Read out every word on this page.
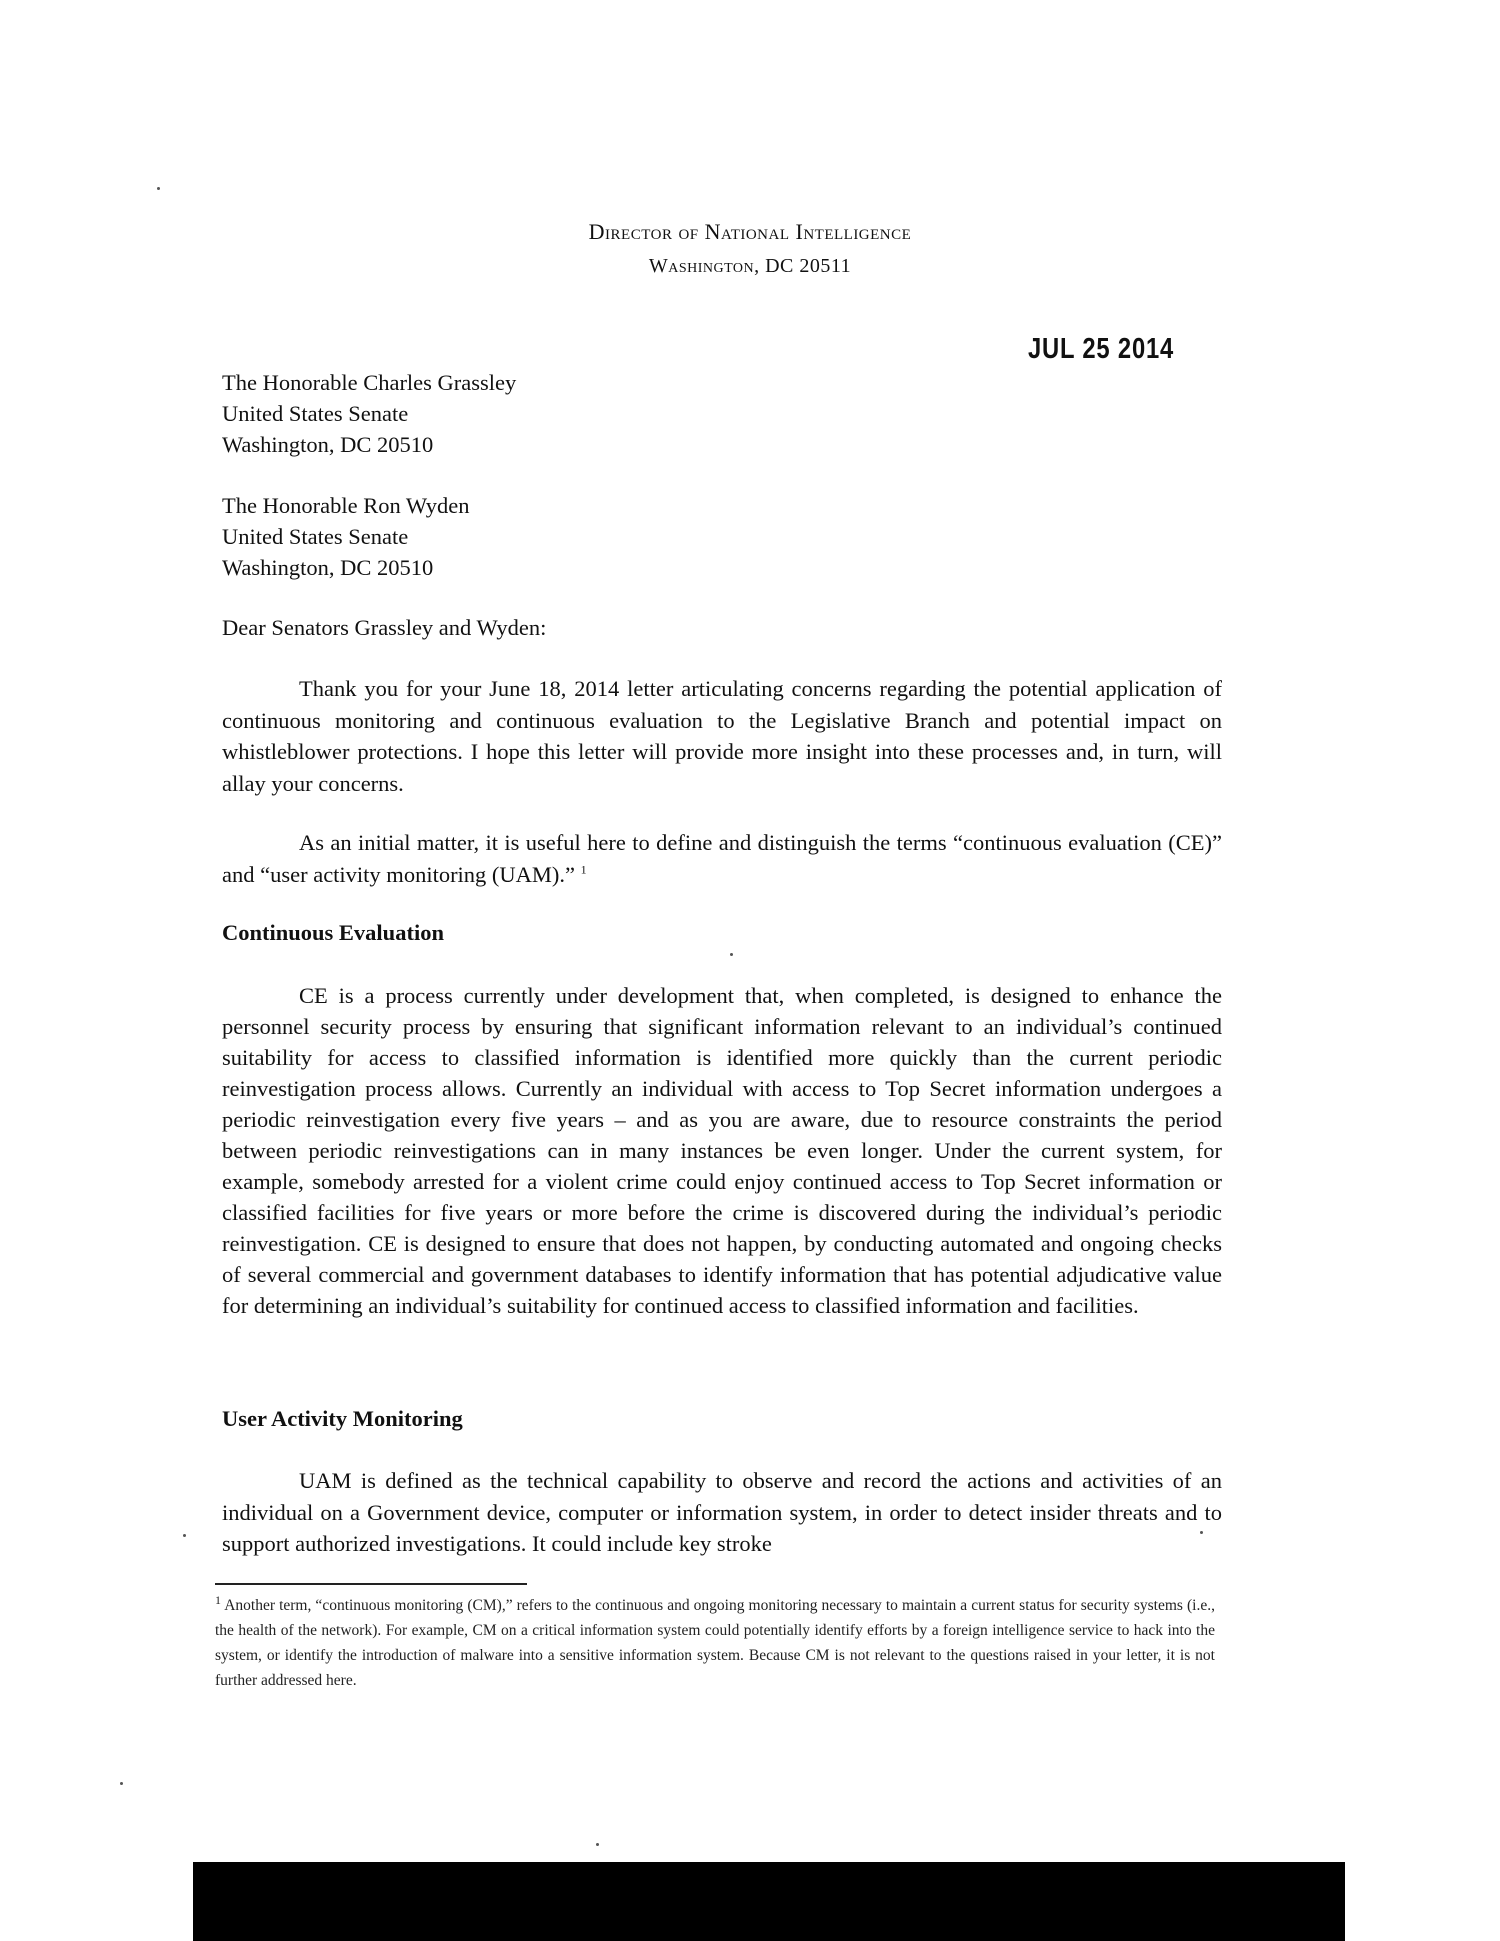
Director of National Intelligence
Washington, DC 20511
JUL 25 2014
The Honorable Charles Grassley
United States Senate
Washington, DC 20510
The Honorable Ron Wyden
United States Senate
Washington, DC 20510
Dear Senators Grassley and Wyden:
Thank you for your June 18, 2014 letter articulating concerns regarding the potential application of continuous monitoring and continuous evaluation to the Legislative Branch and potential impact on whistleblower protections. I hope this letter will provide more insight into these processes and, in turn, will allay your concerns.
As an initial matter, it is useful here to define and distinguish the terms “continuous evaluation (CE)” and “user activity monitoring (UAM).” $^1$
Continuous Evaluation
CE is a process currently under development that, when completed, is designed to enhance the personnel security process by ensuring that significant information relevant to an individual’s continued suitability for access to classified information is identified more quickly than the current periodic reinvestigation process allows. Currently an individual with access to Top Secret information undergoes a periodic reinvestigation every five years – and as you are aware, due to resource constraints the period between periodic reinvestigations can in many instances be even longer. Under the current system, for example, somebody arrested for a violent crime could enjoy continued access to Top Secret information or classified facilities for five years or more before the crime is discovered during the individual’s periodic reinvestigation. CE is designed to ensure that does not happen, by conducting automated and ongoing checks of several commercial and government databases to identify information that has potential adjudicative value for determining an individual’s suitability for continued access to classified information and facilities.
User Activity Monitoring
UAM is defined as the technical capability to observe and record the actions and activities of an individual on a Government device, computer or information system, in order to detect insider threats and to support authorized investigations. It could include key stroke
$^1$ Another term, “continuous monitoring (CM),” refers to the continuous and ongoing monitoring necessary to maintain a current status for security systems (i.e., the health of the network). For example, CM on a critical information system could potentially identify efforts by a foreign intelligence service to hack into the system, or identify the introduction of malware into a sensitive information system. Because CM is not relevant to the questions raised in your letter, it is not further addressed here.
